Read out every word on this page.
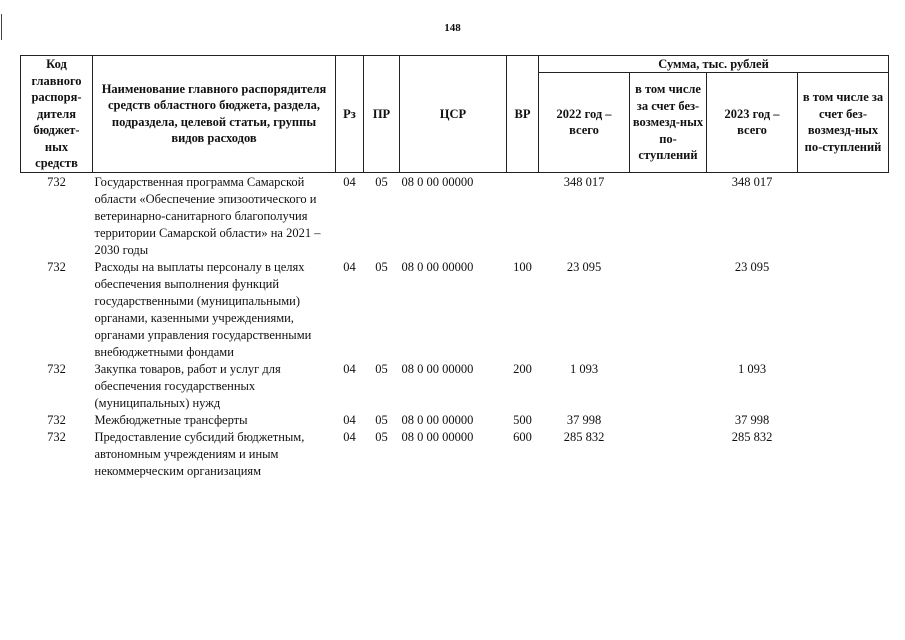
148
Код главного распоря-дителя бюджет-ных средств	Наименование главного распорядителя средств областного бюджета, раздела, подраздела, целевой статьи, группы видов расходов	Рз	ПР	ЦСР	ВР	Сумма, тыс. рублей			
						2022 год – всего	в том числе за счет без-возмезд-ных по-ступлений	2023 год – всего	в том числе за счет без-возмезд-ных по-ступлений
732	Государственная программа Самарской области «Обеспечение эпизоотического и ветеринарно-санитарного благополучия территории Самарской области» на 2021 – 2030 годы	04	05	08 0 00 00000		348 017		348 017	
732	Расходы на выплаты персоналу в целях обеспечения выполнения функций государственными (муниципальными) органами, казенными учреждениями, органами управления государственными внебюджетными фондами	04	05	08 0 00 00000	100	23 095		23 095	
732	Закупка товаров, работ и услуг для обеспечения государственных (муниципальных) нужд	04	05	08 0 00 00000	200	1 093		1 093	
732	Межбюджетные трансферты	04	05	08 0 00 00000	500	37 998		37 998	
732	Предоставление субсидий бюджетным, автономным учреждениям и иным некоммерческим организациям	04	05	08 0 00 00000	600	285 832		285 832	
